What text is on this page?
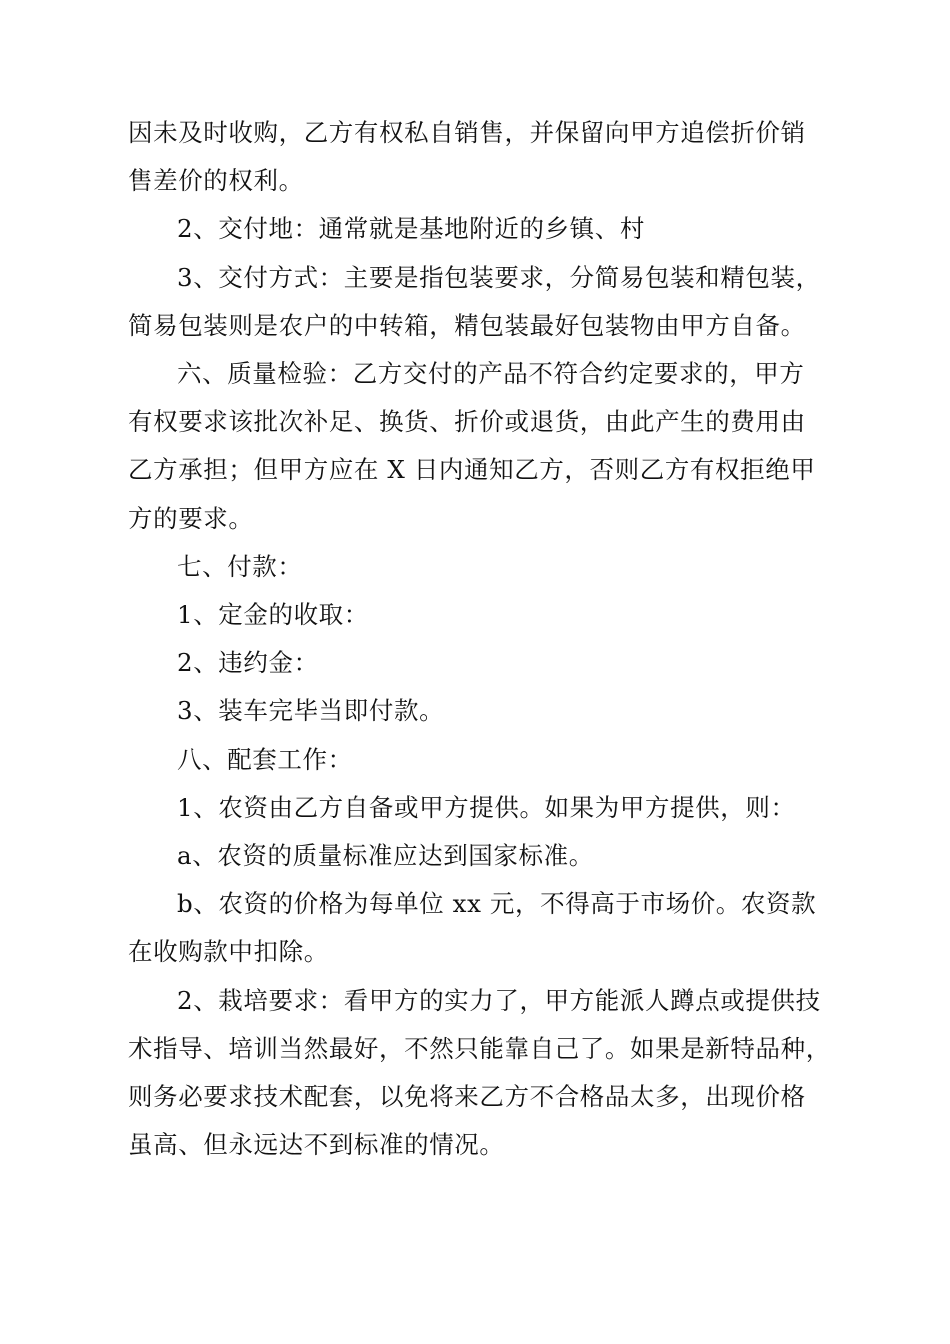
因未及时收购，乙方有权私自销售，并保留向甲方追偿折价销
售差价的权利。

2、交付地：通常就是基地附近的乡镇、村

3、交付方式：主要是指包装要求，分简易包装和精包装，
简易包装则是农户的中转箱，精包装最好包装物由甲方自备。

六、质量检验：乙方交付的产品不符合约定要求的，甲方
有权要求该批次补足、换货、折价或退货，由此产生的费用由
乙方承担；但甲方应在 X 日内通知乙方，否则乙方有权拒绝甲
方的要求。

七、付款：

1、定金的收取：

2、违约金：

3、装车完毕当即付款。

八、配套工作：

1、农资由乙方自备或甲方提供。如果为甲方提供，则：

a、农资的质量标准应达到国家标准。

b、农资的价格为每单位 xx 元，不得高于市场价。农资款
在收购款中扣除。

2、栽培要求：看甲方的实力了，甲方能派人蹲点或提供技
术指导、培训当然最好，不然只能靠自己了。如果是新特品种，
则务必要求技术配套，以免将来乙方不合格品太多，出现价格
虽高、但永远达不到标准的情况。
